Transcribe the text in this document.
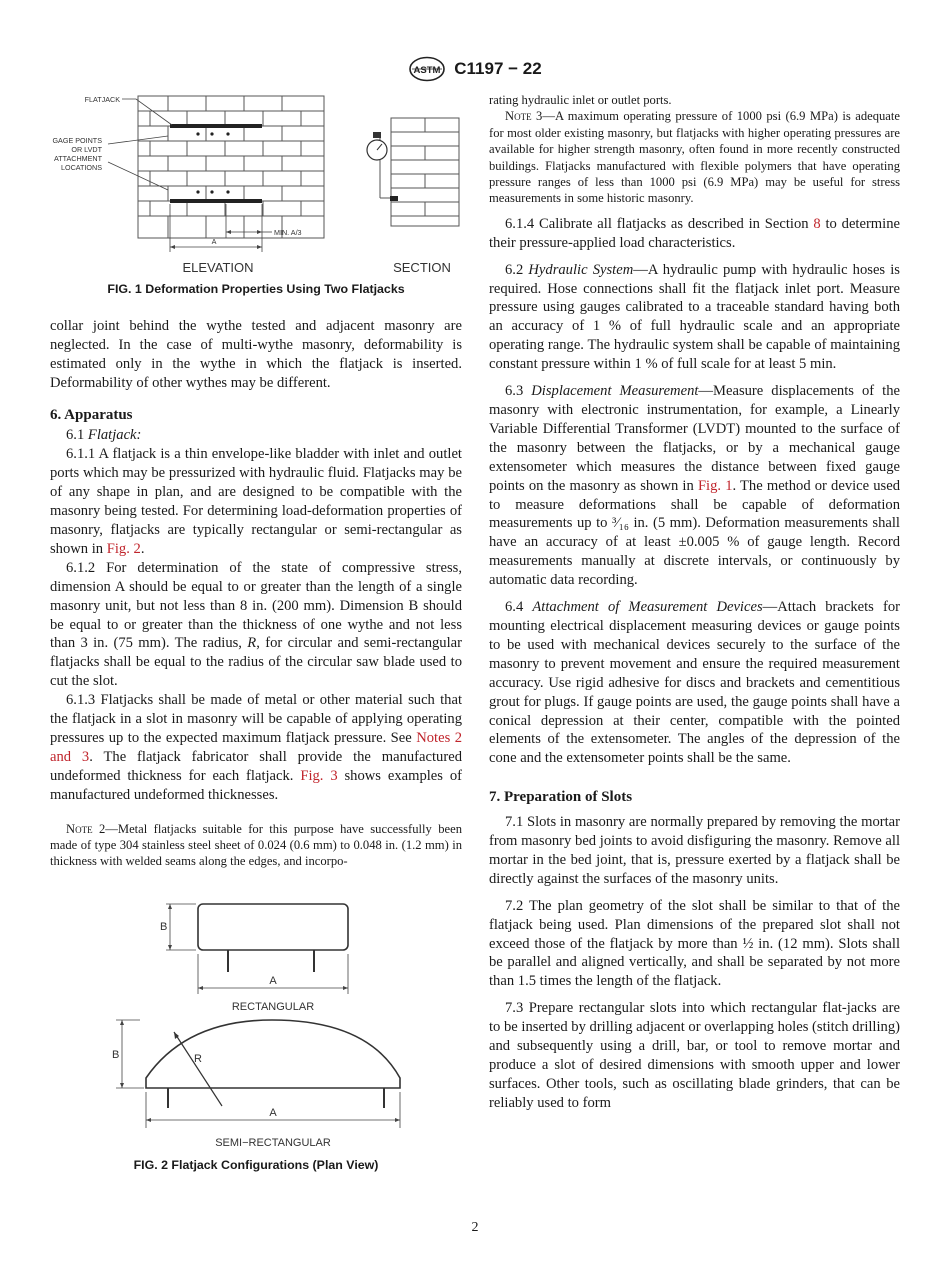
ASTM C1197 − 22
FLATJACK
GAGE POINTS
OR LVDT
ATTACHMENT
LOCATIONS
A
MIN. A/3
ELEVATION	SECTION

FIG. 1 Deformation Properties Using Two Flatjacks

collar joint behind the wythe tested and adjacent masonry are neglected. In the case of multi-wythe masonry, deformability is estimated only in the wythe in which the flatjack is inserted. Deformability of other wythes may be different.

6. Apparatus

6.1 Flatjack:

6.1.1 A flatjack is a thin envelope-like bladder with inlet and outlet ports which may be pressurized with hydraulic fluid. Flatjacks may be of any shape in plan, and are designed to be compatible with the masonry being tested. For determining load-deformation properties of masonry, flatjacks are typically rectangular or semi-rectangular as shown in Fig. 2.

6.1.2 For determination of the state of compressive stress, dimension A should be equal to or greater than the length of a single masonry unit, but not less than 8 in. (200 mm). Dimension B should be equal to or greater than the thickness of one wythe and not less than 3 in. (75 mm). The radius, R, for circular and semi-rectangular flatjacks shall be equal to the radius of the circular saw blade used to cut the slot.

6.1.3 Flatjacks shall be made of metal or other material such that the flatjack in a slot in masonry will be capable of applying operating pressures up to the expected maximum flatjack pressure. See Notes 2 and 3. The flatjack fabricator shall provide the manufactured undeformed thickness for each flatjack. Fig. 3 shows examples of manufactured undeformed thicknesses.

Note 2—Metal flatjacks suitable for this purpose have successfully been made of type 304 stainless steel sheet of 0.024 (0.6 mm) to 0.048 in. (1.2 mm) in thickness with welded seams along the edges, and incorpo-

B
A
RECTANGULAR
B	R
A
SEMI−RECTANGULAR

FIG. 2 Flatjack Configurations (Plan View)

rating hydraulic inlet or outlet ports.

Note 3—A maximum operating pressure of 1000 psi (6.9 MPa) is adequate for most older existing masonry, but flatjacks with higher operating pressures are available for higher strength masonry, often found in more recently constructed buildings. Flatjacks manufactured with flexible polymers that have operating pressure ranges of less than 1000 psi (6.9 MPa) may be useful for stress measurements in some historic masonry.

6.1.4 Calibrate all flatjacks as described in Section 8 to determine their pressure-applied load characteristics.

6.2 Hydraulic System—A hydraulic pump with hydraulic hoses is required. Hose connections shall fit the flatjack inlet port. Measure pressure using gauges calibrated to a traceable standard having both an accuracy of 1 % of full hydraulic scale and an appropriate operating range. The hydraulic system shall be capable of maintaining constant pressure within 1 % of full scale for at least 5 min.

6.3 Displacement Measurement—Measure displacements of the masonry with electronic instrumentation, for example, a Linearly Variable Differential Transformer (LVDT) mounted to the surface of the masonry between the flatjacks, or by a mechanical gauge extensometer which measures the distance between fixed gauge points on the masonry as shown in Fig. 1. The method or device used to measure deformations shall be capable of deformation measurements up to ³⁄₁₆ in. (5 mm). Deformation measurements shall have an accuracy of at least ±0.005 % of gauge length. Record measurements manually at discrete intervals, or continuously by automatic data recording.

6.4 Attachment of Measurement Devices—Attach brackets for mounting electrical displacement measuring devices or gauge points to be used with mechanical devices securely to the surface of the masonry to prevent movement and ensure the required measurement accuracy. Use rigid adhesive for discs and brackets and cementitious grout for plugs. If gauge points are used, the gauge points shall have a conical depression at their center, compatible with the pointed elements of the extensometer. The angles of the depression of the cone and the extensometer points shall be the same.

7. Preparation of Slots

7.1 Slots in masonry are normally prepared by removing the mortar from masonry bed joints to avoid disfiguring the masonry. Remove all mortar in the bed joint, that is, pressure exerted by a flatjack shall be directly against the surfaces of the masonry units.

7.2 The plan geometry of the slot shall be similar to that of the flatjack being used. Plan dimensions of the prepared slot shall not exceed those of the flatjack by more than ½ in. (12 mm). Slots shall be parallel and aligned vertically, and shall be separated by not more than 1.5 times the length of the flatjack.

7.3 Prepare rectangular slots into which rectangular flat-jacks are to be inserted by drilling adjacent or overlapping holes (stitch drilling) and subsequently using a drill, bar, or tool to remove mortar and produce a slot of desired dimensions with smooth upper and lower surfaces. Other tools, such as oscillating blade grinders, that can be reliably used to form

2
